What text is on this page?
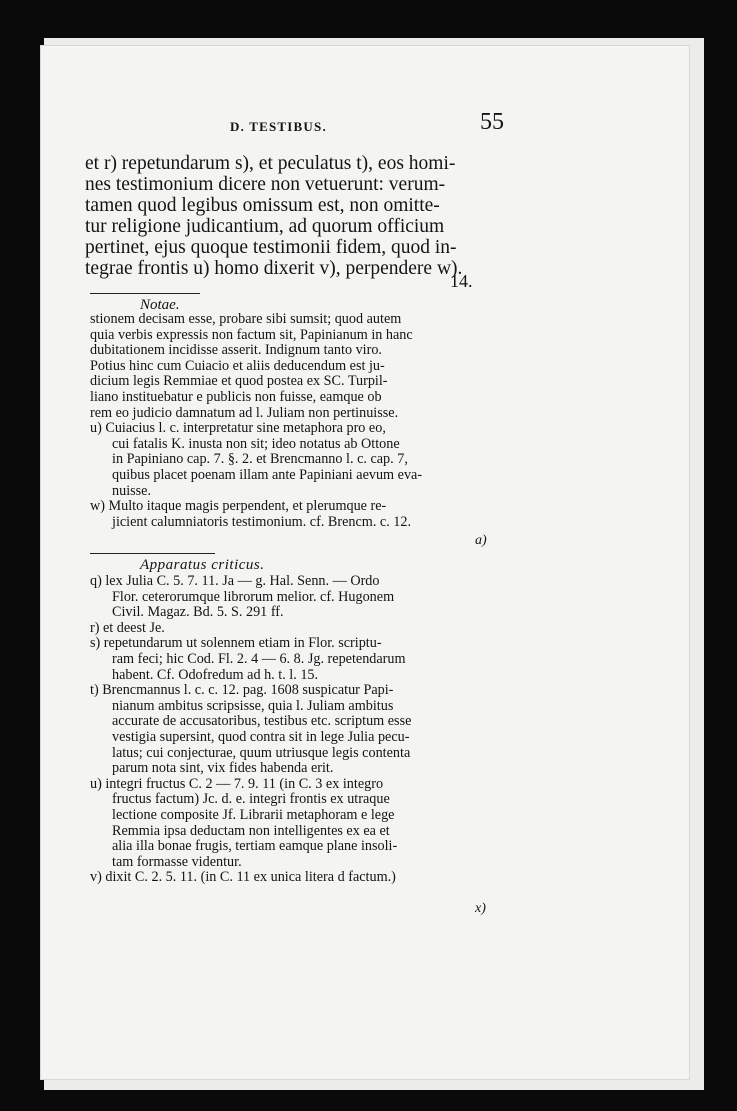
D. TESTIBUS.	55
et r) repetundarum s), et peculatus t), eos homi-
nes testimonium dicere non vetuerunt: verum-
tamen quod legibus omissum est, non omitte-
tur religione judicantium, ad quorum officium
pertinet, ejus quoque testimonii fidem, quod in-
tegrae frontis u) homo dixerit v), perpendere w).
14.
Notae.
stionem decisam esse, probare sibi sumsit; quod autem
quia verbis expressis non factum sit, Papinianum in hanc
dubitationem incidisse asserit. Indignum tanto viro.
Potius hinc cum Cuiacio et aliis deducendum est ju-
dicium legis Remmiae et quod postea ex SC. Turpil-
liano instituebatur e publicis non fuisse, eamque ob
rem eo judicio damnatum ad l. Juliam non pertinuisse.
u) Cuiacius l. c. interpretatur sine metaphora pro eo,
cui fatalis K. inusta non sit; ideo notatus ab Ottone
in Papiniano cap. 7. §. 2. et Brencmanno l. c. cap. 7,
quibus placet poenam illam ante Papiniani aevum eva-
nuisse.
w) Multo itaque magis perpendent, et plerumque re-
jicient calumniatoris testimonium. cf. Brencm. c. 12.
a)
Apparatus criticus.
q) lex Julia C. 5. 7. 11. Ja — g. Hal. Senn. — Ordo
Flor. ceterorumque librorum melior. cf. Hugonem
Civil. Magaz. Bd. 5. S. 291 ff.
r) et deest Je.
s) repetundarum ut solennem etiam in Flor. scriptu-
ram feci; hic Cod. Fl. 2. 4 — 6. 8. Jg. repetendarum
habent. Cf. Odofredum ad h. t. l. 15.
t) Brencmannus l. c. c. 12. pag. 1608 suspicatur Papi-
nianum ambitus scripsisse, quia l. Juliam ambitus
accurate de accusatoribus, testibus etc. scriptum esse
vestigia supersint, quod contra sit in lege Julia pecu-
latus; cui conjecturae, quum utriusque legis contenta
parum nota sint, vix fides habenda erit.
u) integri fructus C. 2 — 7. 9. 11 (in C. 3 ex integro
fructus factum) Jc. d. e. integri frontis ex utraque
lectione composite Jf. Librarii metaphoram e lege
Remmia ipsa deductam non intelligentes ex ea et
alia illa bonae frugis, tertiam eamque plane insoli-
tam formasse videntur.
v) dixit C. 2. 5. 11. (in C. 11 ex unica litera d factum.)
x)
